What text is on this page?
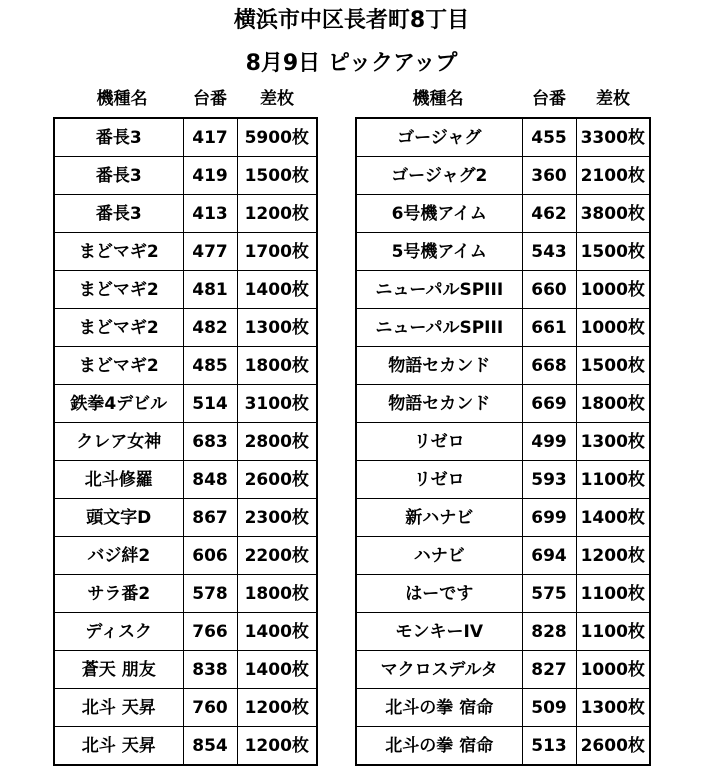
横浜市中区長者町8丁目
8月9日 ピックアップ
機種名	台番	差枚	機種名	台番	差枚
番長3	417	5900枚
番長3	419	1500枚
番長3	413	1200枚
まどマギ2	477	1700枚
まどマギ2	481	1400枚
まどマギ2	482	1300枚
まどマギ2	485	1800枚
鉄拳4デビル	514	3100枚
クレア女神	683	2800枚
北斗修羅	848	2600枚
頭文字D	867	2300枚
バジ絆2	606	2200枚
サラ番2	578	1800枚
ディスク	766	1400枚
蒼天 朋友	838	1400枚
北斗 天昇	760	1200枚
北斗 天昇	854	1200枚
ゴージャグ	455	3300枚
ゴージャグ2	360	2100枚
6号機アイム	462	3800枚
5号機アイム	543	1500枚
ニューパルSPIII	660	1000枚
ニューパルSPIII	661	1000枚
物語セカンド	668	1500枚
物語セカンド	669	1800枚
リゼロ	499	1300枚
リゼロ	593	1100枚
新ハナビ	699	1400枚
ハナビ	694	1200枚
はーです	575	1100枚
モンキーIV	828	1100枚
マクロスデルタ	827	1000枚
北斗の拳 宿命	509	1300枚
北斗の拳 宿命	513	2600枚
